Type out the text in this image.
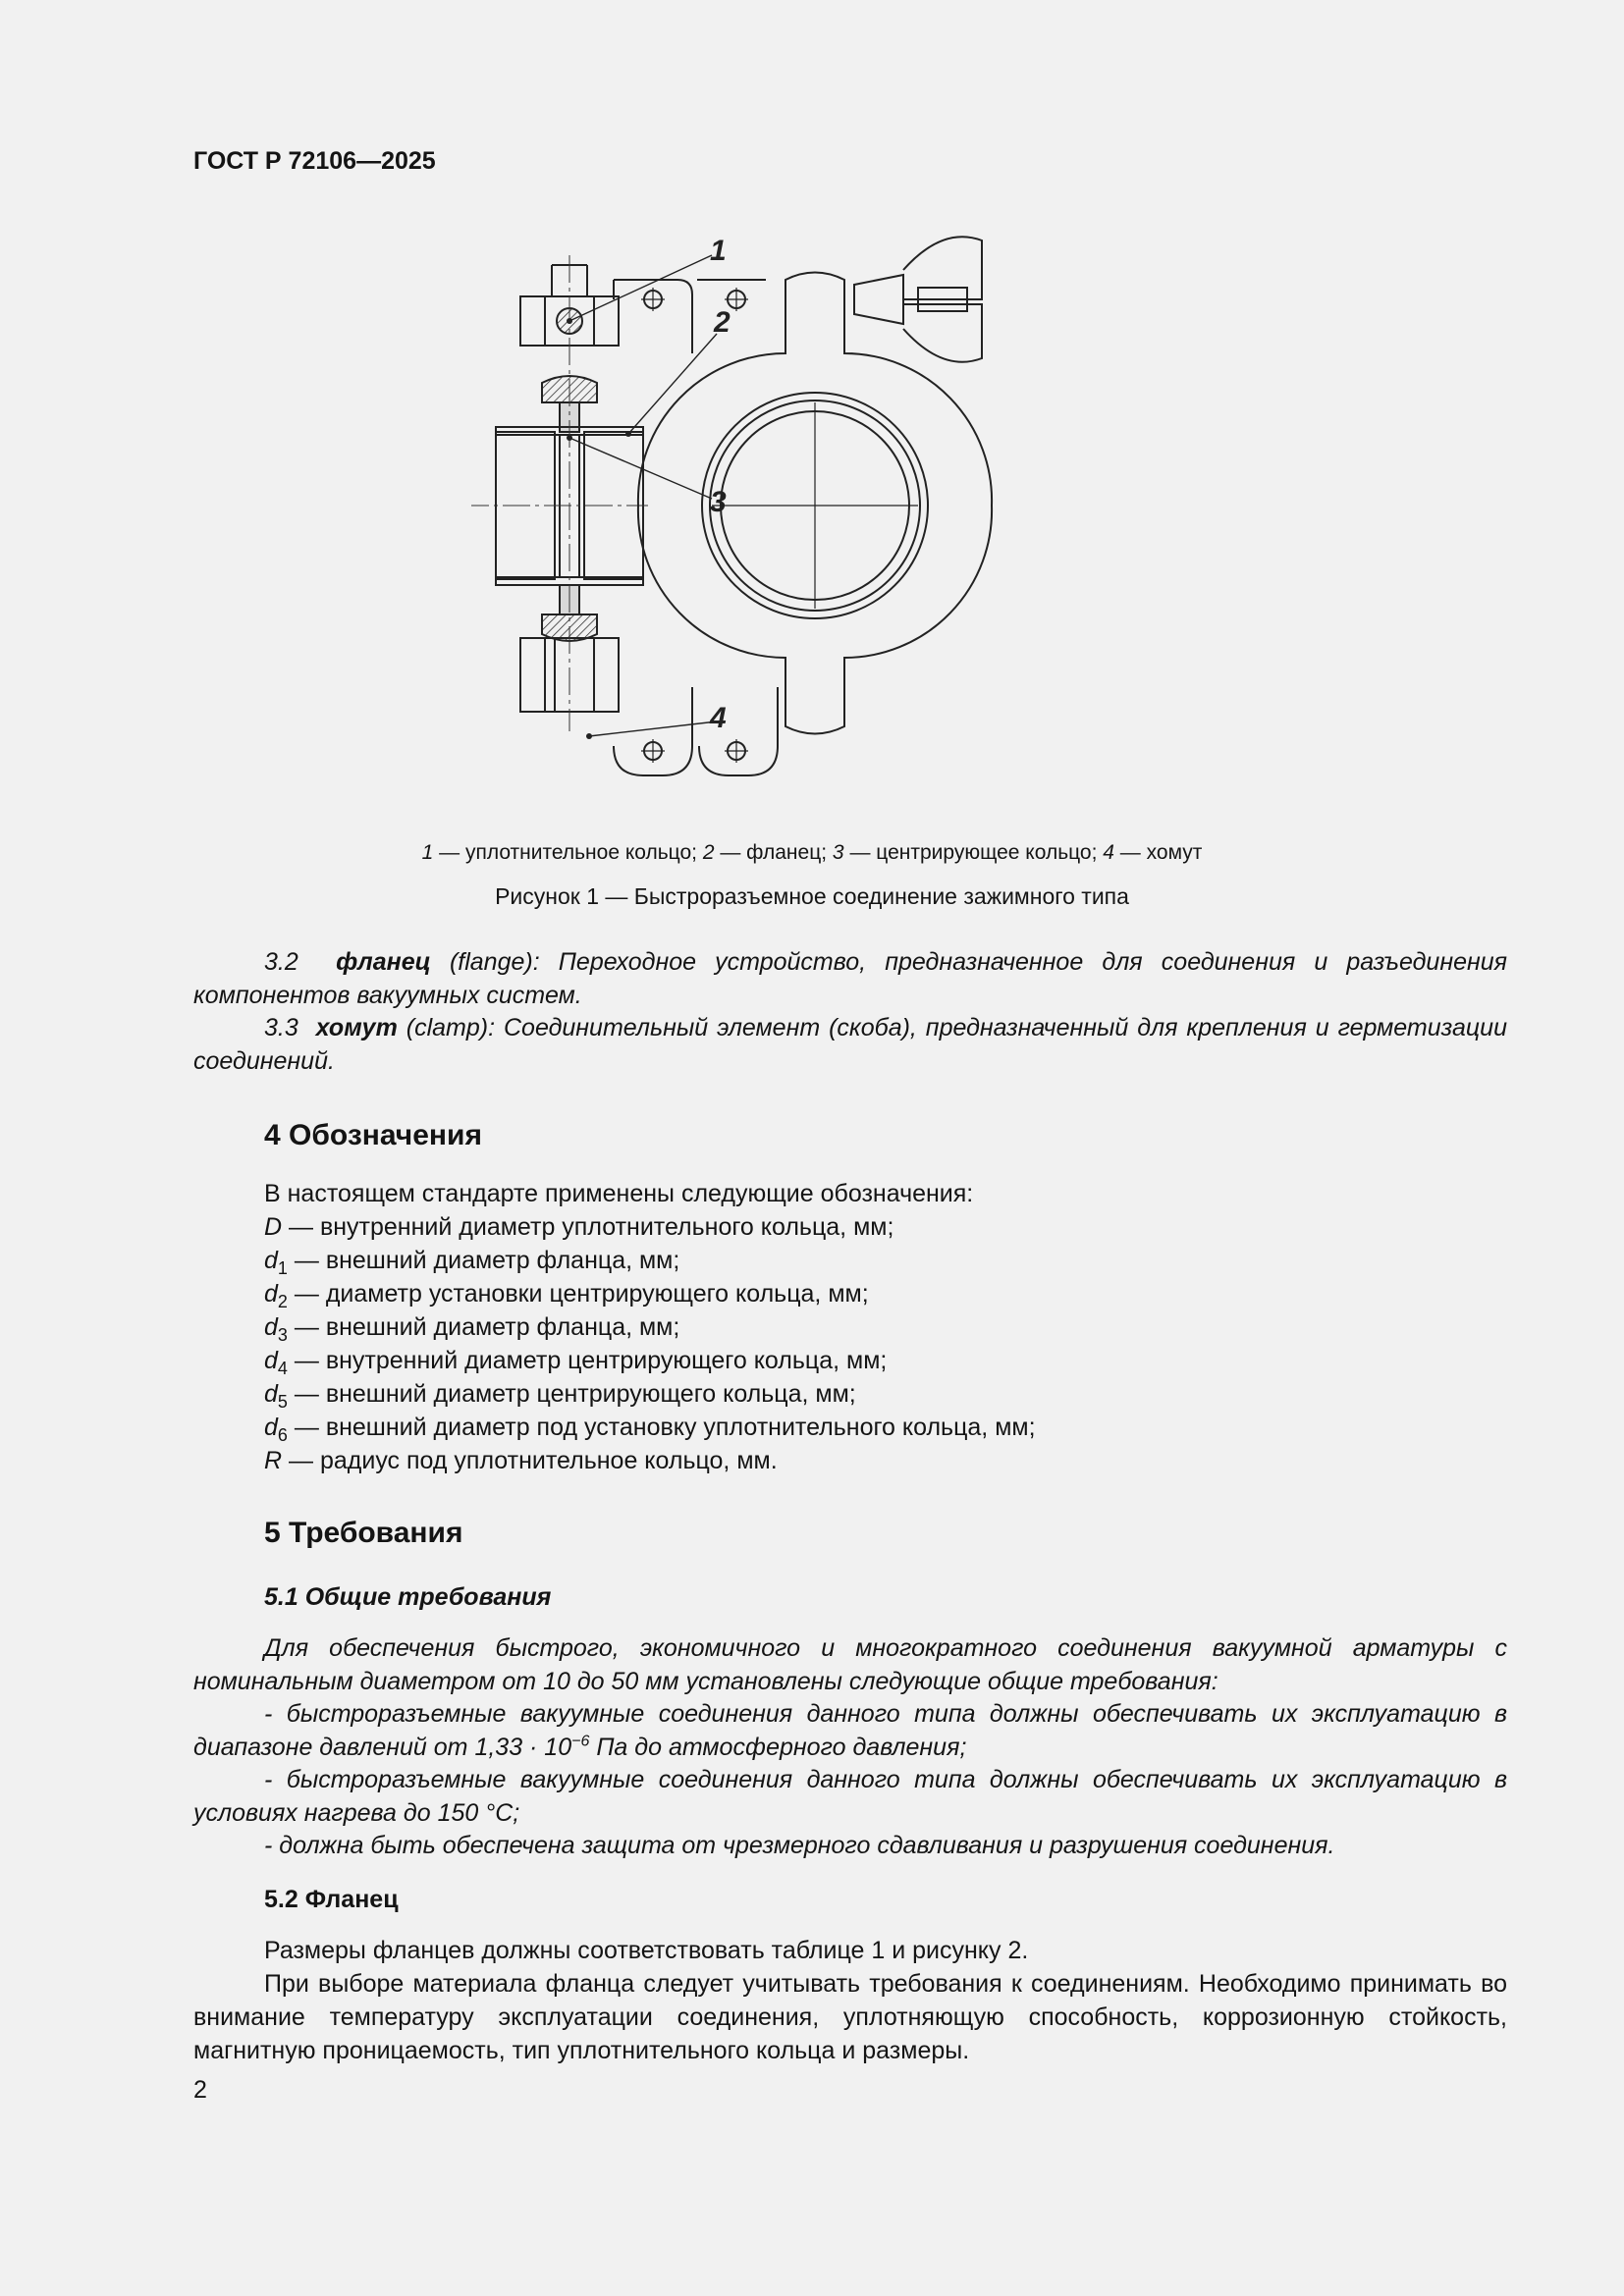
ГОСТ Р 72106—2025
1
2
3
4
1 — уплотнительное кольцо; 2 — фланец; 3 — центрирующее кольцо; 4 — хомут
Рисунок 1 — Быстроразъемное соединение зажимного типа
3.2 фланец (flange): Переходное устройство, предназначенное для соединения и разъединения компонентов вакуумных систем.
3.3 хомут (clamp): Соединительный элемент (скоба), предназначенный для крепления и герметизации соединений.
4 Обозначения
В настоящем стандарте применены следующие обозначения:
D — внутренний диаметр уплотнительного кольца, мм;
$d_1$ — внешний диаметр фланца, мм;
$d_2$ — диаметр установки центрирующего кольца, мм;
$d_3$ — внешний диаметр фланца, мм;
$d_4$ — внутренний диаметр центрирующего кольца, мм;
$d_5$ — внешний диаметр центрирующего кольца, мм;
$d_6$ — внешний диаметр под установку уплотнительного кольца, мм;
R — радиус под уплотнительное кольцо, мм.
5 Требования
5.1 Общие требования
Для обеспечения быстрого, экономичного и многократного соединения вакуумной арматуры с номинальным диаметром от 10 до 50 мм установлены следующие общие требования:
- быстроразъемные вакуумные соединения данного типа должны обеспечивать их эксплуатацию в диапазоне давлений от $1,33 \cdot 10^{-6}$ Па до атмосферного давления;
- быстроразъемные вакуумные соединения данного типа должны обеспечивать их эксплуатацию в условиях нагрева до 150 °С;
- должна быть обеспечена защита от чрезмерного сдавливания и разрушения соединения.
5.2 Фланец
Размеры фланцев должны соответствовать таблице 1 и рисунку 2.
При выборе материала фланца следует учитывать требования к соединениям. Необходимо принимать во внимание температуру эксплуатации соединения, уплотняющую способность, коррозионную стойкость, магнитную проницаемость, тип уплотнительного кольца и размеры.
2
